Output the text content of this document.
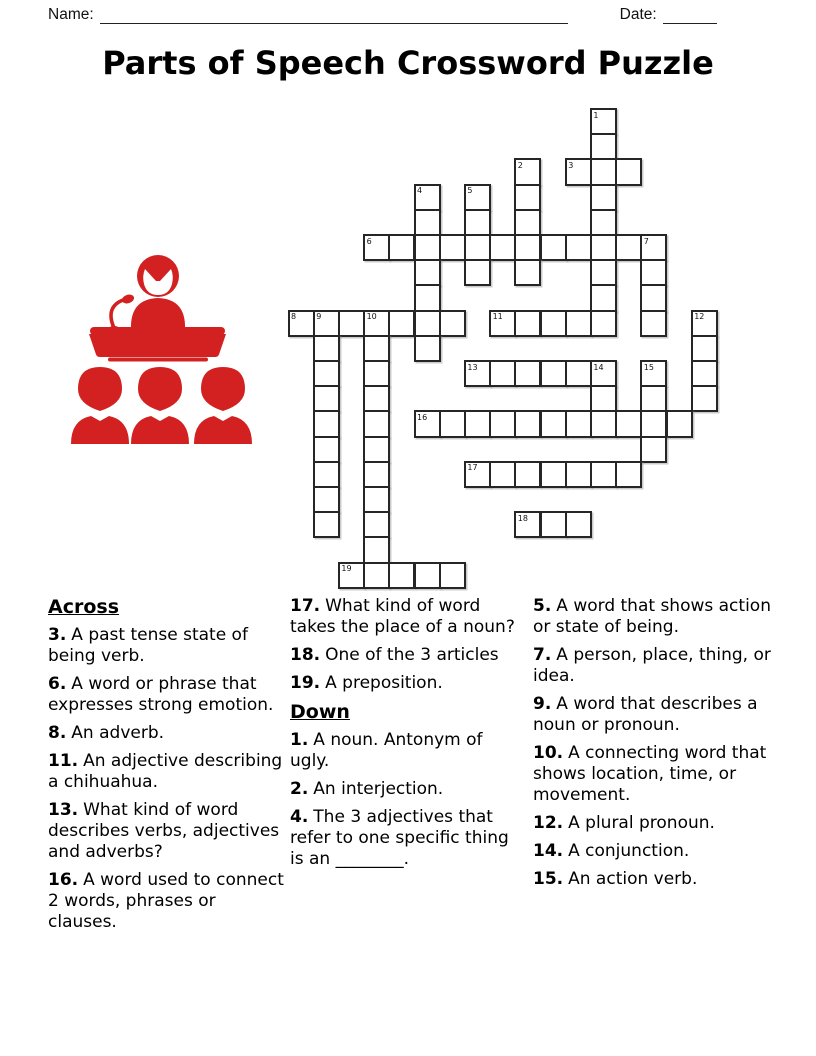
Name:	Date:
Parts of Speech Crossword Puzzle
1
2	3
4	5
6	7
8	9	10	11	12
13	14	15
16
17
18
19
Across
3. A past tense state of being verb.
6. A word or phrase that expresses strong emotion.
8. An adverb.
11. An adjective describing a chihuahua.
13. What kind of word describes verbs, adjectives and adverbs?
16. A word used to connect 2 words, phrases or clauses.
17. What kind of word takes the place of a noun?
18. One of the 3 articles
19. A preposition.
Down
1. A noun. Antonym of ugly.
2. An interjection.
4. The 3 adjectives that refer to one specific thing is an ________.
5. A word that shows action or state of being.
7. A person, place, thing, or idea.
9. A word that describes a noun or pronoun.
10. A connecting word that shows location, time, or movement.
12. A plural pronoun.
14. A conjunction.
15. An action verb.
